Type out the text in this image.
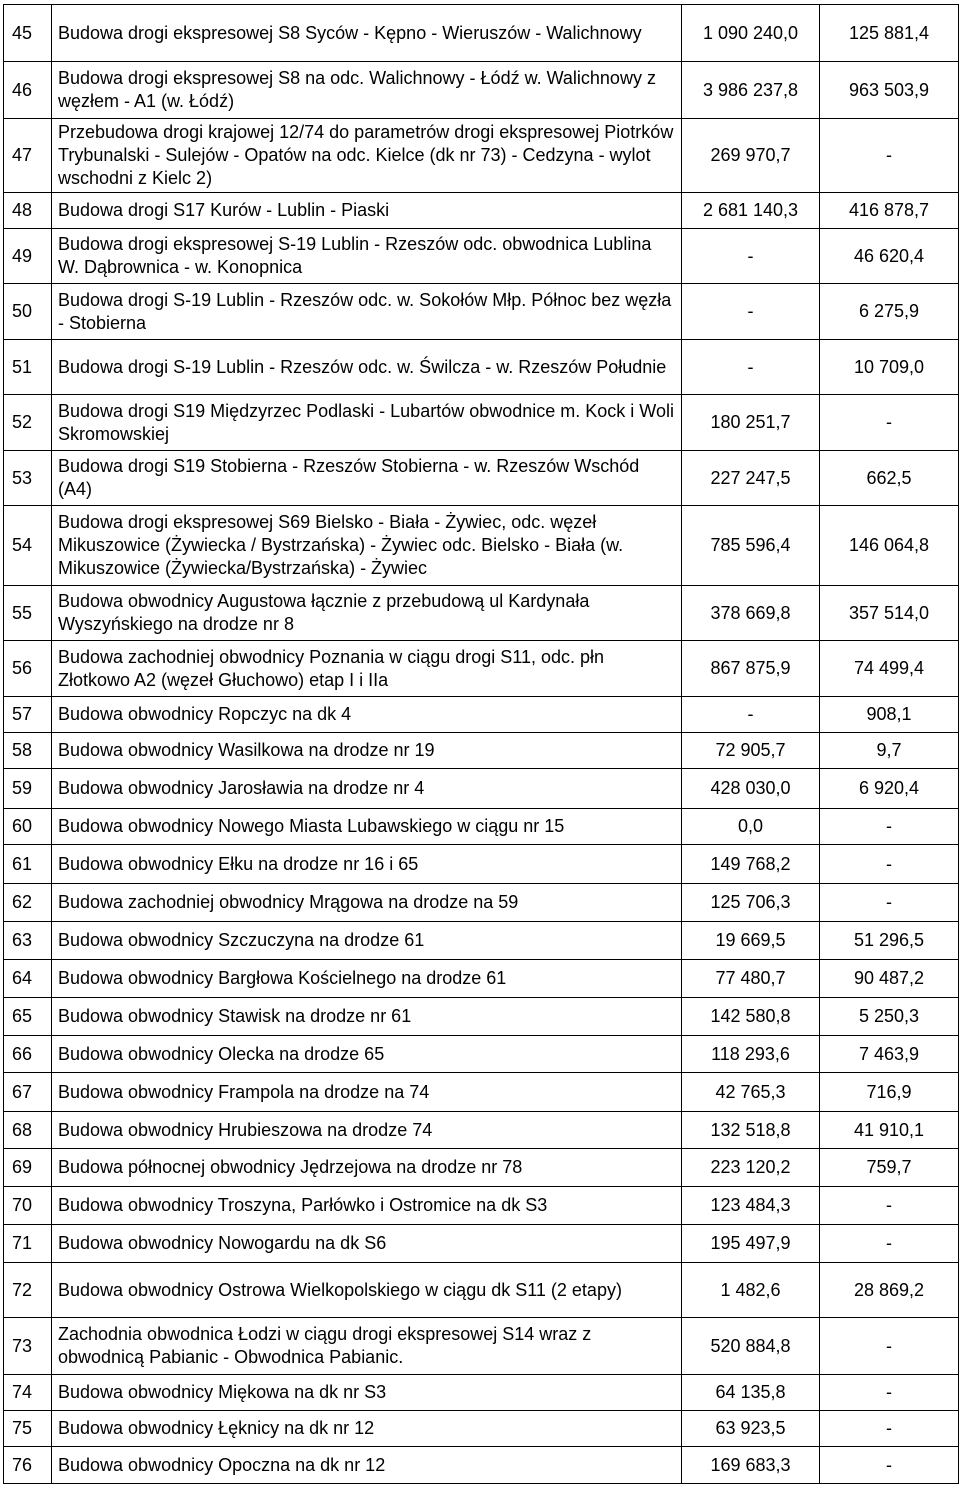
45	Budowa drogi ekspresowej S8 Syców - Kępno - Wieruszów - Walichnowy	1 090 240,0	125 881,4
46	Budowa drogi ekspresowej S8 na odc. Walichnowy - Łódź w. Walichnowy z węzłem - A1 (w. Łódź)	3 986 237,8	963 503,9
47	Przebudowa drogi krajowej 12/74 do parametrów drogi ekspresowej Piotrków Trybunalski - Sulejów - Opatów na odc. Kielce (dk nr 73) - Cedzyna - wylot wschodni z Kielc 2)	269 970,7	-
48	Budowa drogi S17 Kurów - Lublin - Piaski	2 681 140,3	416 878,7
49	Budowa drogi ekspresowej S-19 Lublin - Rzeszów odc. obwodnica Lublina W. Dąbrownica - w. Konopnica	-	46 620,4
50	Budowa drogi S-19 Lublin - Rzeszów odc. w. Sokołów Młp. Północ bez węzła - Stobierna	-	6 275,9
51	Budowa drogi S-19 Lublin - Rzeszów odc. w. Świlcza - w. Rzeszów Południe	-	10 709,0
52	Budowa drogi S19 Międzyrzec Podlaski - Lubartów obwodnice m. Kock i Woli Skromowskiej	180 251,7	-
53	Budowa drogi S19 Stobierna - Rzeszów Stobierna - w. Rzeszów Wschód (A4)	227 247,5	662,5
54	Budowa drogi ekspresowej S69 Bielsko - Biała - Żywiec, odc. węzeł Mikuszowice (Żywiecka / Bystrzańska) - Żywiec odc. Bielsko - Biała (w. Mikuszowice (Żywiecka/Bystrzańska) - Żywiec	785 596,4	146 064,8
55	Budowa obwodnicy Augustowa łącznie z przebudową ul Kardynała Wyszyńskiego na drodze nr 8	378 669,8	357 514,0
56	Budowa zachodniej obwodnicy Poznania w ciągu drogi S11, odc. płn Złotkowo A2 (węzeł Głuchowo) etap I i IIa	867 875,9	74 499,4
57	Budowa obwodnicy Ropczyc na dk 4	-	908,1
58	Budowa obwodnicy Wasilkowa na drodze nr 19	72 905,7	9,7
59	Budowa obwodnicy Jarosławia na drodze nr 4	428 030,0	6 920,4
60	Budowa obwodnicy Nowego Miasta Lubawskiego w ciągu nr 15	0,0	-
61	Budowa obwodnicy Ełku na drodze nr 16 i 65	149 768,2	-
62	Budowa zachodniej obwodnicy Mrągowa na drodze na 59	125 706,3	-
63	Budowa obwodnicy Szczuczyna na drodze 61	19 669,5	51 296,5
64	Budowa obwodnicy Bargłowa Kościelnego na drodze 61	77 480,7	90 487,2
65	Budowa obwodnicy Stawisk na drodze nr 61	142 580,8	5 250,3
66	Budowa obwodnicy Olecka na drodze 65	118 293,6	7 463,9
67	Budowa obwodnicy Frampola na drodze na 74	42 765,3	716,9
68	Budowa obwodnicy Hrubieszowa na drodze 74	132 518,8	41 910,1
69	Budowa północnej obwodnicy Jędrzejowa na drodze nr 78	223 120,2	759,7
70	Budowa obwodnicy Troszyna, Parłówko i Ostromice na dk S3	123 484,3	-
71	Budowa obwodnicy Nowogardu na dk S6	195 497,9	-
72	Budowa obwodnicy Ostrowa Wielkopolskiego w ciągu dk S11 (2 etapy)	1 482,6	28 869,2
73	Zachodnia obwodnica Łodzi w ciągu drogi ekspresowej S14 wraz z obwodnicą Pabianic - Obwodnica Pabianic.	520 884,8	-
74	Budowa obwodnicy Miękowa na dk nr S3	64 135,8	-
75	Budowa obwodnicy Łęknicy na dk nr 12	63 923,5	-
76	Budowa obwodnicy Opoczna na dk nr 12	169 683,3	-
